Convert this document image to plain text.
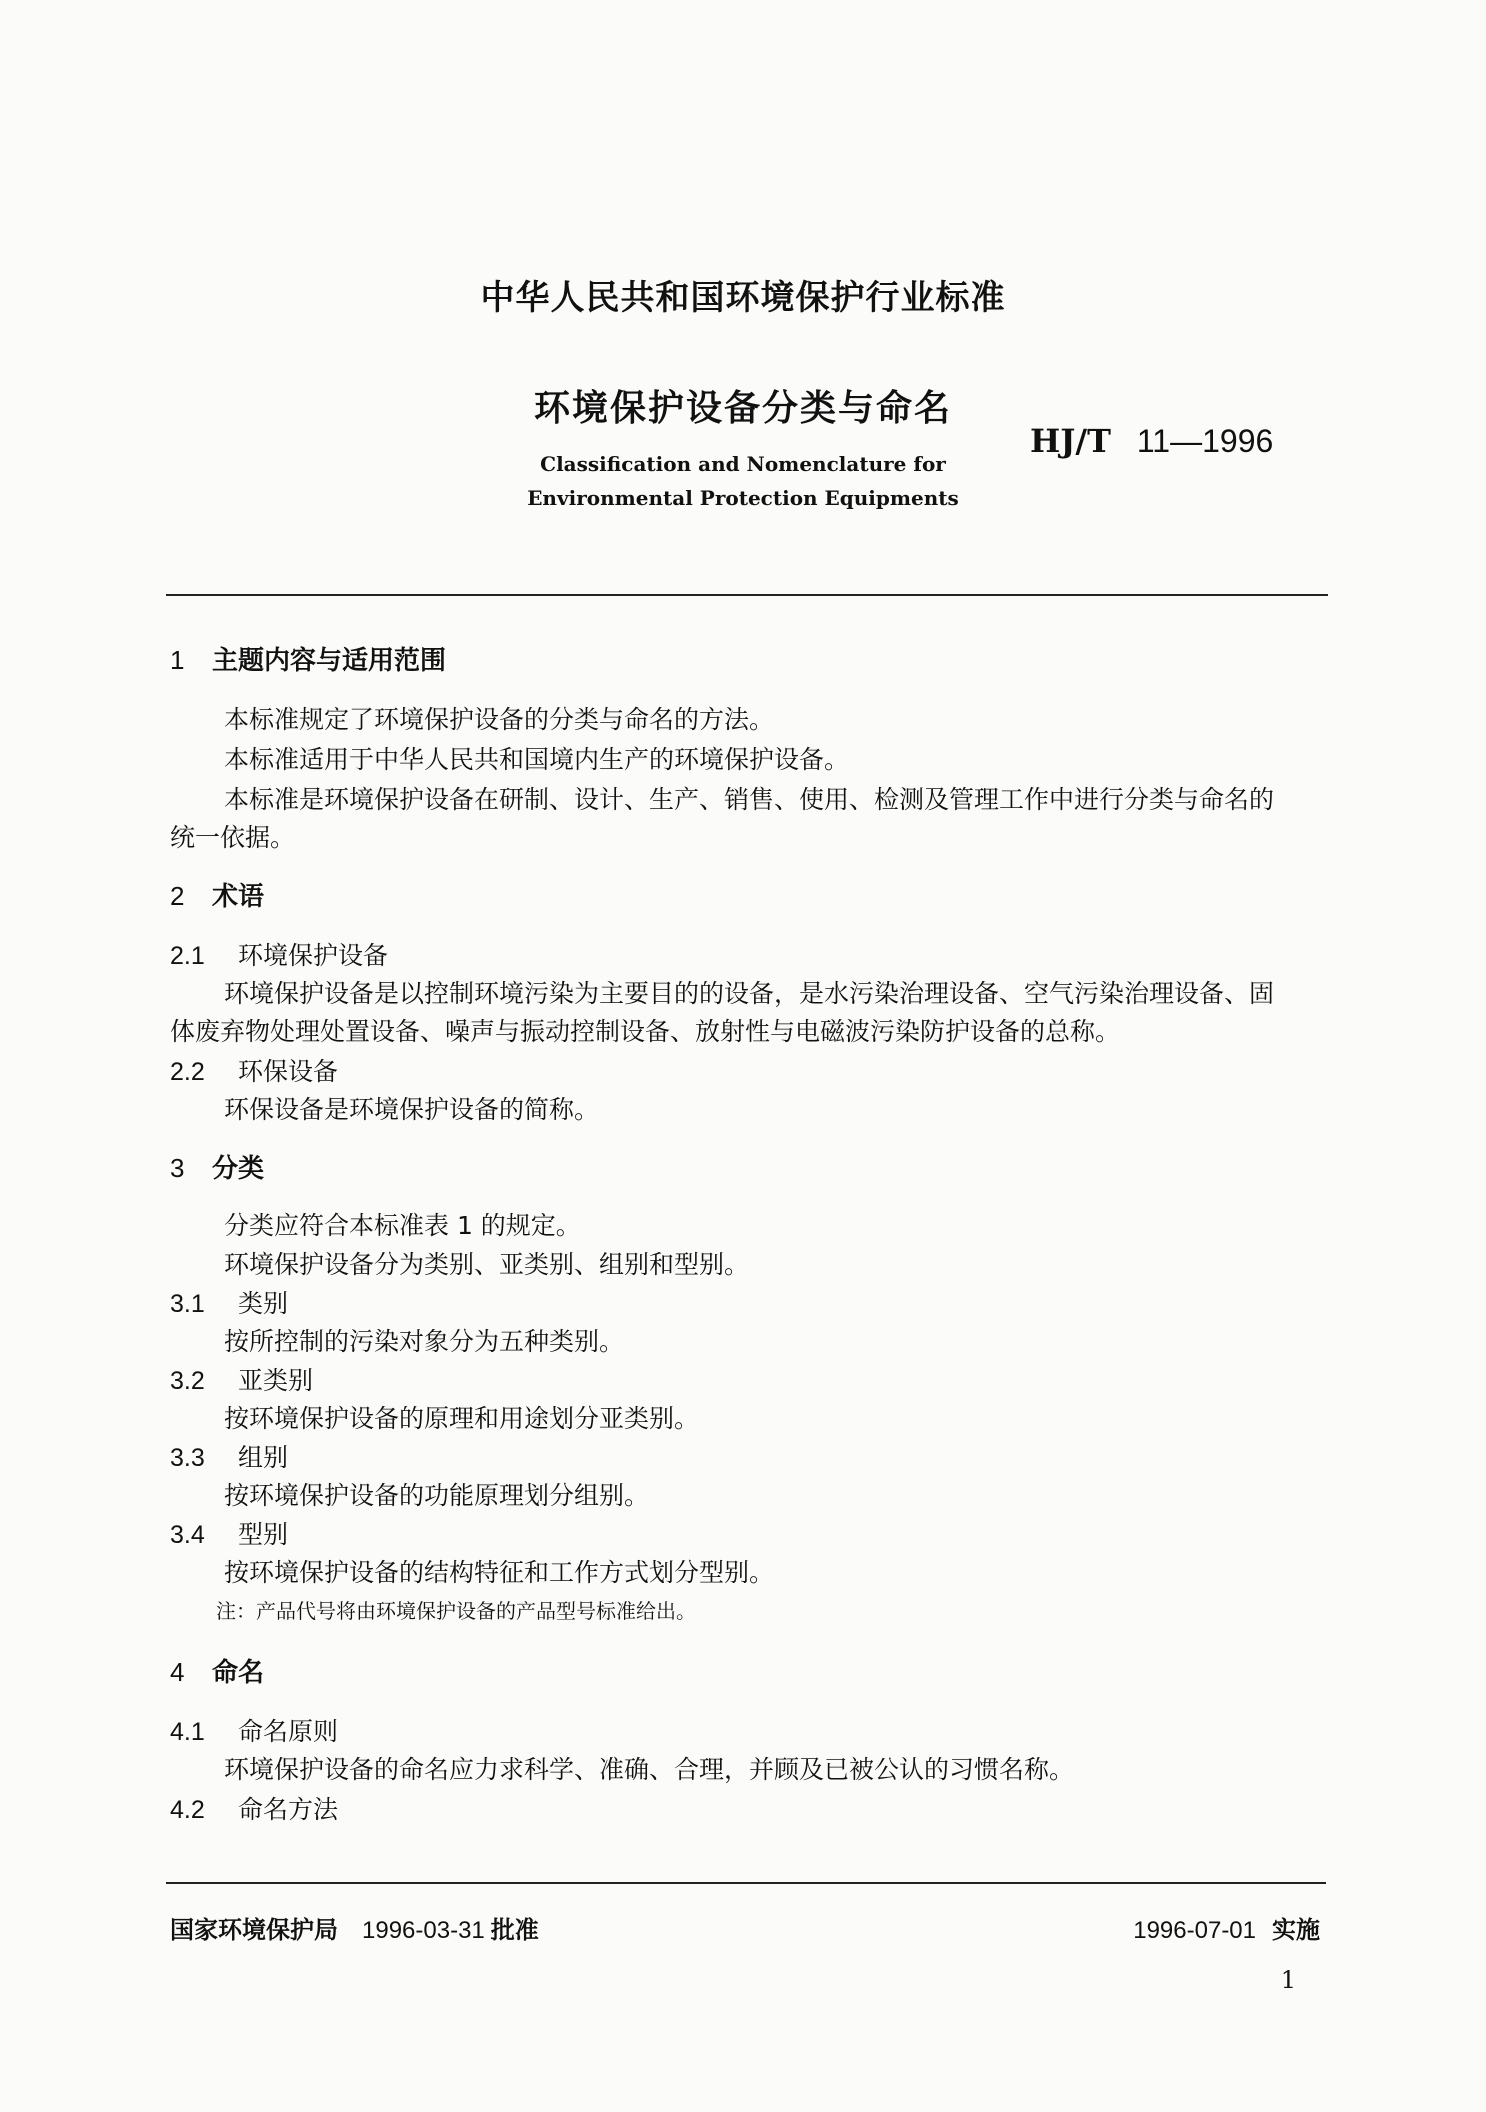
中华人民共和国环境保护行业标准
环境保护设备分类与命名
HJ/T 11—1996
Classification and Nomenclature for
Environmental Protection Equipments
1 主题内容与适用范围
本标准规定了环境保护设备的分类与命名的方法。
本标准适用于中华人民共和国境内生产的环境保护设备。
本标准是环境保护设备在研制、设计、生产、销售、使用、检测及管理工作中进行分类与命名的
统一依据。
2 术语
2.1 环境保护设备
环境保护设备是以控制环境污染为主要目的的设备，是水污染治理设备、空气污染治理设备、固
体废弃物处理处置设备、噪声与振动控制设备、放射性与电磁波污染防护设备的总称。
2.2 环保设备
环保设备是环境保护设备的简称。
3 分类
分类应符合本标准表 1 的规定。
环境保护设备分为类别、亚类别、组别和型别。
3.1 类别
按所控制的污染对象分为五种类别。
3.2 亚类别
按环境保护设备的原理和用途划分亚类别。
3.3 组别
按环境保护设备的功能原理划分组别。
3.4 型别
按环境保护设备的结构特征和工作方式划分型别。
注：产品代号将由环境保护设备的产品型号标准给出。
4 命名
4.1 命名原则
环境保护设备的命名应力求科学、准确、合理，并顾及已被公认的习惯名称。
4.2 命名方法
国家环境保护局 1996-03-31 批准	1996-07-01 实施
1
